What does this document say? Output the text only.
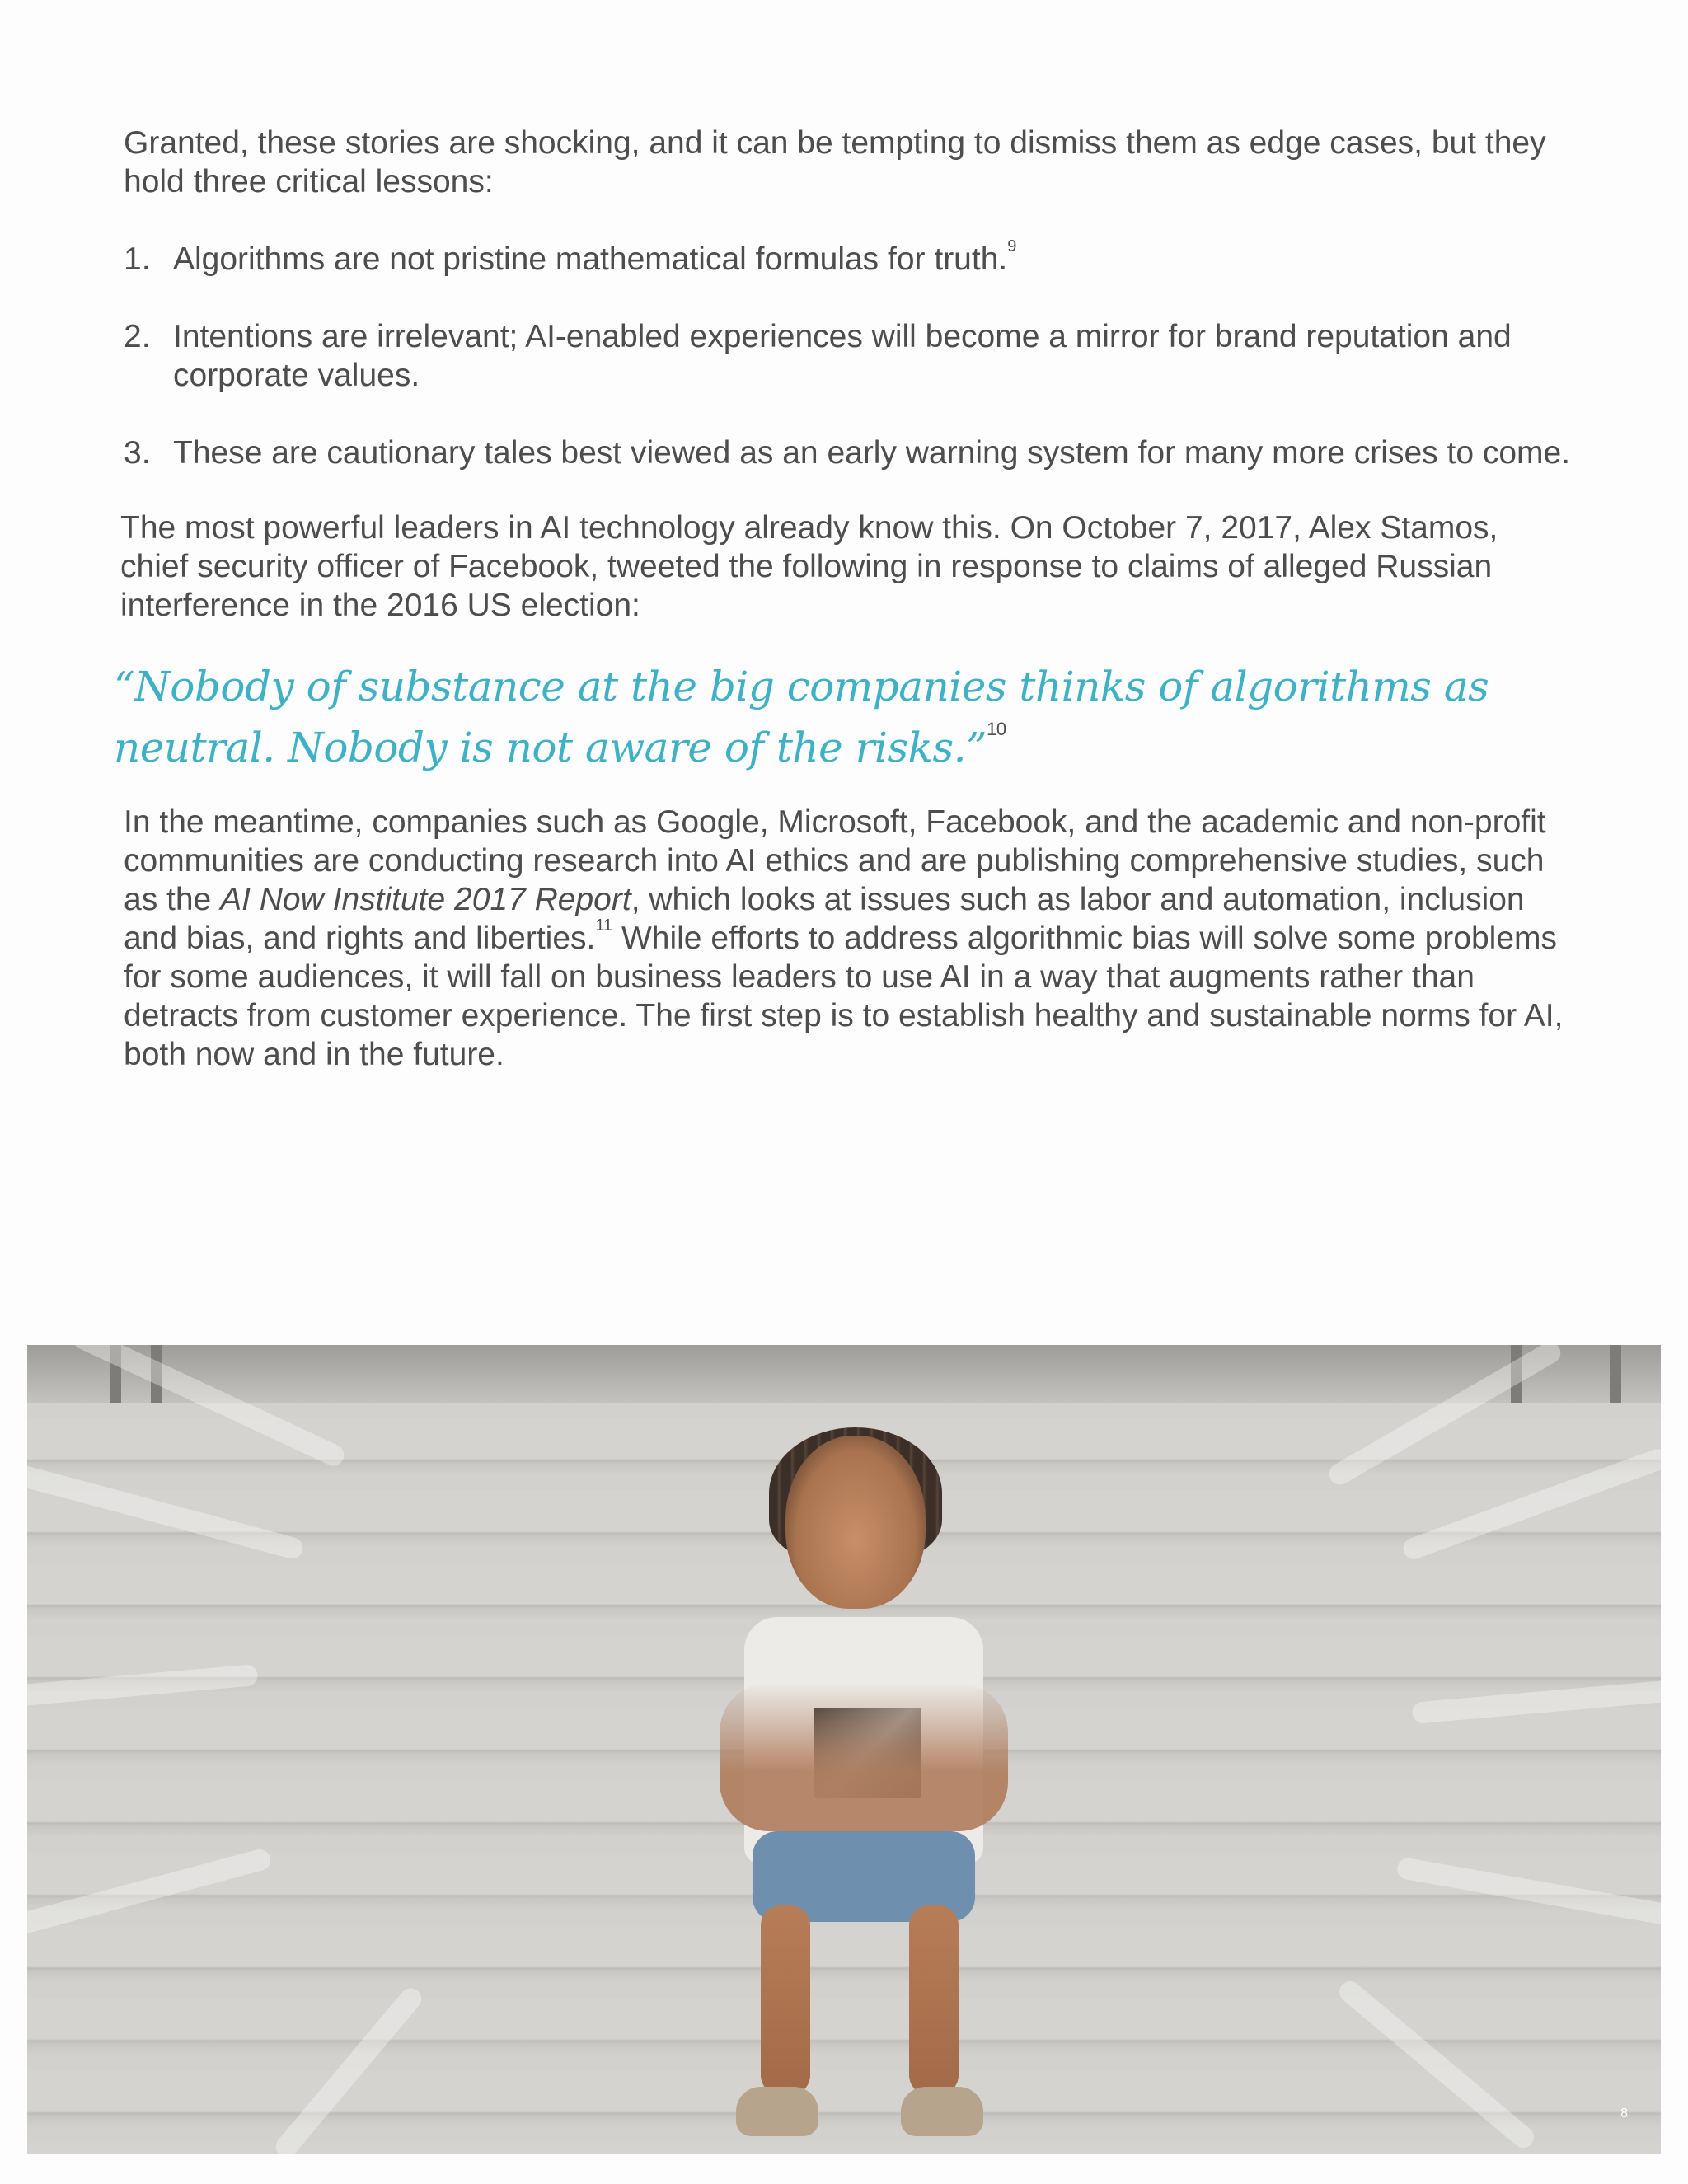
Granted, these stories are shocking, and it can be tempting to dismiss them as edge cases, but they hold three critical lessons:

1. Algorithms are not pristine mathematical formulas for truth.$^9$
2. Intentions are irrelevant; AI-enabled experiences will become a mirror for brand reputation and corporate values.
3. These are cautionary tales best viewed as an early warning system for many more crises to come.

The most powerful leaders in AI technology already know this. On October 7, 2017, Alex Stamos, chief security officer of Facebook, tweeted the following in response to claims of alleged Russian interference in the 2016 US election:

“Nobody of substance at the big companies thinks of algorithms as neutral. Nobody is not aware of the risks.”$^{10}$

In the meantime, companies such as Google, Microsoft, Facebook, and the academic and non-profit communities are conducting research into AI ethics and are publishing comprehensive studies, such as the AI Now Institute 2017 Report, which looks at issues such as labor and automation, inclusion and bias, and rights and liberties.$^{11}$ While efforts to address algorithmic bias will solve some problems for some audiences, it will fall on business leaders to use AI in a way that augments rather than detracts from customer experience. The first step is to establish healthy and sustainable norms for AI, both now and in the future.

8
